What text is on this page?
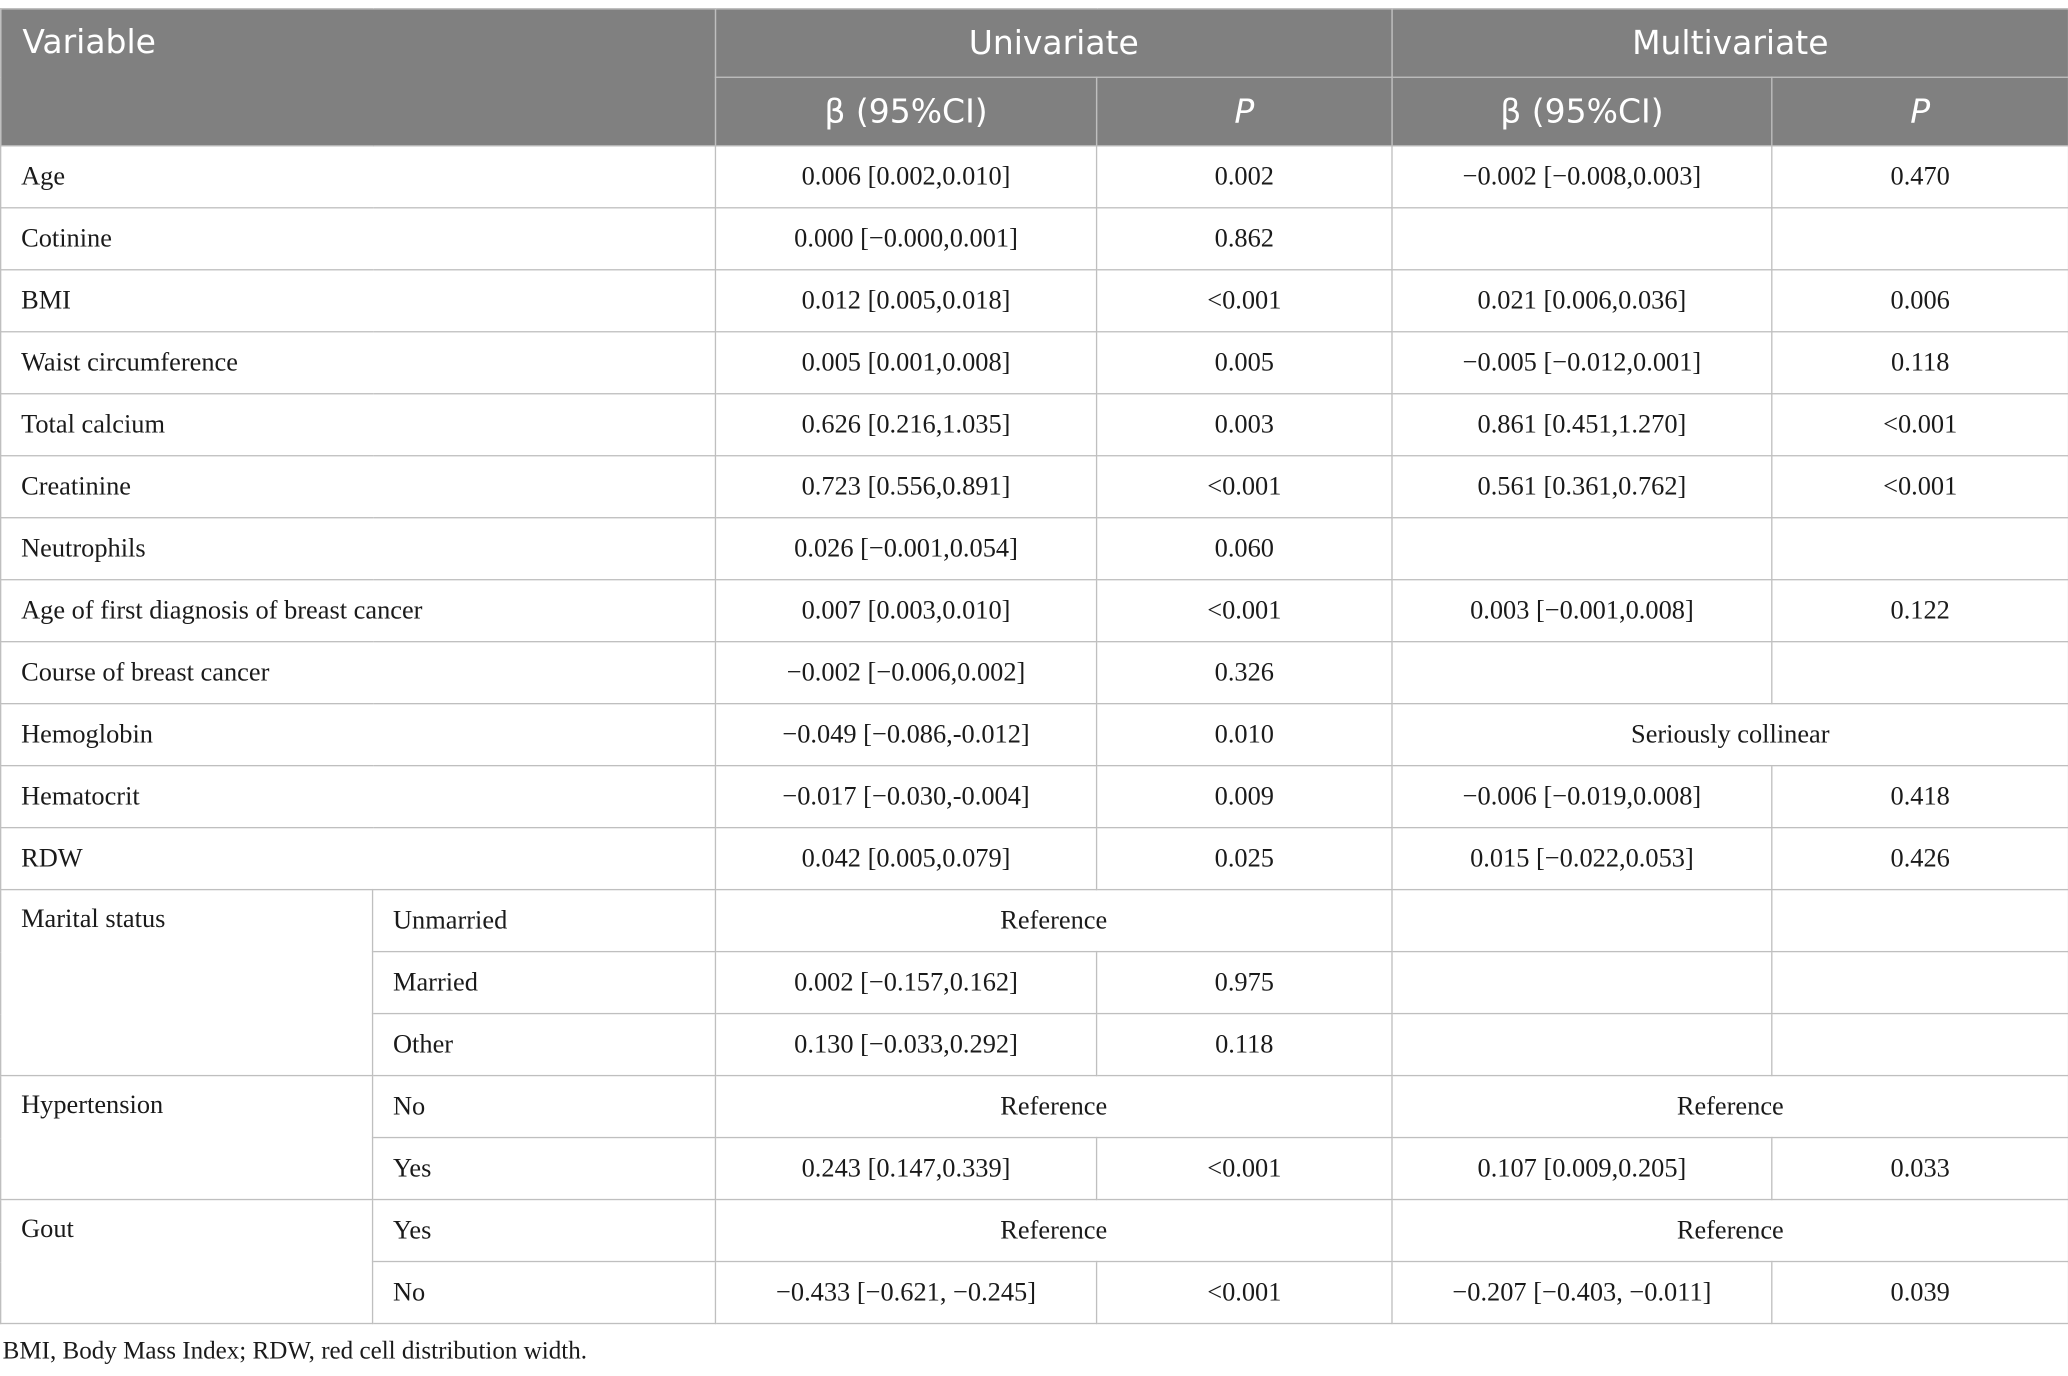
Variable		Univariate		Multivariate	
		β (95%CI)	P	β (95%CI)	P
Age		0.006 [0.002,0.010]	0.002	−0.002 [−0.008,0.003]	0.470
Cotinine		0.000 [−0.000,0.001]	0.862		
BMI		0.012 [0.005,0.018]	<0.001	0.021 [0.006,0.036]	0.006
Waist circumference		0.005 [0.001,0.008]	0.005	−0.005 [−0.012,0.001]	0.118
Total calcium		0.626 [0.216,1.035]	0.003	0.861 [0.451,1.270]	<0.001
Creatinine		0.723 [0.556,0.891]	<0.001	0.561 [0.361,0.762]	<0.001
Neutrophils		0.026 [−0.001,0.054]	0.060		
Age of first diagnosis of breast cancer		0.007 [0.003,0.010]	<0.001	0.003 [−0.001,0.008]	0.122
Course of breast cancer		−0.002 [−0.006,0.002]	0.326		
Hemoglobin		−0.049 [−0.086,-0.012]	0.010	Seriously collinear	
Hematocrit		−0.017 [−0.030,-0.004]	0.009	−0.006 [−0.019,0.008]	0.418
RDW		0.042 [0.005,0.079]	0.025	0.015 [−0.022,0.053]	0.426
Marital status	Unmarried	Reference			
	Married	0.002 [−0.157,0.162]	0.975		
	Other	0.130 [−0.033,0.292]	0.118		
Hypertension	No	Reference		Reference	
	Yes	0.243 [0.147,0.339]	<0.001	0.107 [0.009,0.205]	0.033
Gout	Yes	Reference		Reference	
	No	−0.433 [−0.621, −0.245]	<0.001	−0.207 [−0.403, −0.011]	0.039
BMI, Body Mass Index; RDW, red cell distribution width.
